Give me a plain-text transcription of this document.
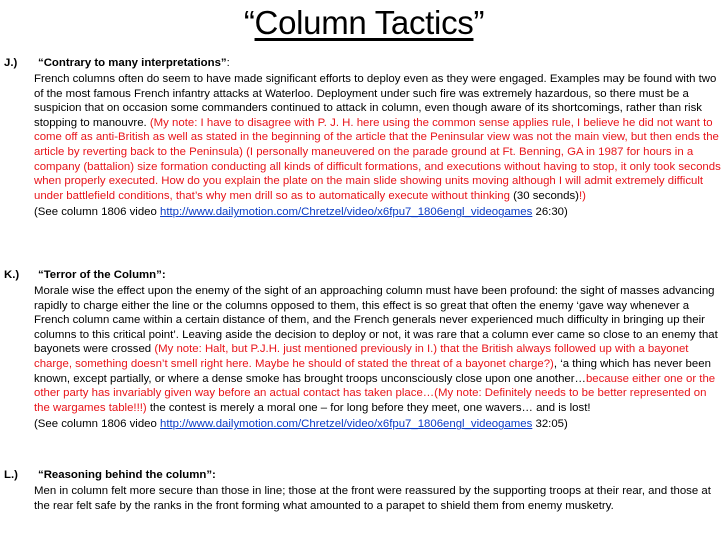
“Column Tactics”
J.) “Contrary to many interpretations”:
French columns often do seem to have made significant efforts to deploy even as they were engaged. Examples may be found with two of the most famous French infantry attacks at Waterloo. Deployment under such fire was extremely hazardous, so there must be a suspicion that on occasion some commanders continued to attack in column, even though aware of its shortcomings, rather than risk stopping to manouvre. (My note: I have to disagree with P. J. H. here using the common sense applies rule, I believe he did not want to come off as anti-British as well as stated in the beginning of the article that the Peninsular view was not the main view, but then ends the article by reverting back to the Peninsula) (I personally maneuvered on the parade ground at Ft. Benning, GA in 1987 for hours in a company (battalion) size formation conducting all kinds of difficult formations, and executions without having to stop, it only took seconds when properly executed. How do you explain the plate on the main slide showing units moving although I will admit extremely difficult under battlefield conditions, that’s why men drill so as to automatically execute without thinking (30 seconds)!)
(See column 1806 video http://www.dailymotion.com/Chretzel/video/x6fpu7_1806engl_videogames 26:30)
K.) “Terror of the Column”:
Morale wise the effect upon the enemy of the sight of an approaching column must have been profound: the sight of masses advancing rapidly to charge either the line or the columns opposed to them, this effect is so great that often the enemy ‘gave way whenever a French column came within a certain distance of them, and the French generals never experienced much difficulty in bringing up their columns to this critical point’. Leaving aside the decision to deploy or not, it was rare that a column ever came so close to an enemy that bayonets were crossed (My note: Halt, but P.J.H. just mentioned previously in I.) that the British always followed up with a bayonet charge, something doesn’t smell right here. Maybe he should of stated the threat of a bayonet charge?), ‘a thing which has never been known, except partially, or where a dense smoke has brought troops unconsciously close upon one another…because either one or the other party has invariably given way before an actual contact has taken place…(My note: Definitely needs to be better represented on the wargames table!!!) the contest is merely a moral one – for long before they meet, one wavers… and is lost!
(See column 1806 video http://www.dailymotion.com/Chretzel/video/x6fpu7_1806engl_videogames 32:05)
L.) “Reasoning behind the column”:
Men in column felt more secure than those in line; those at the front were reassured by the supporting troops at their rear, and those at the rear felt safe by the ranks in the front forming what amounted to a parapet to shield them from enemy musketry.
